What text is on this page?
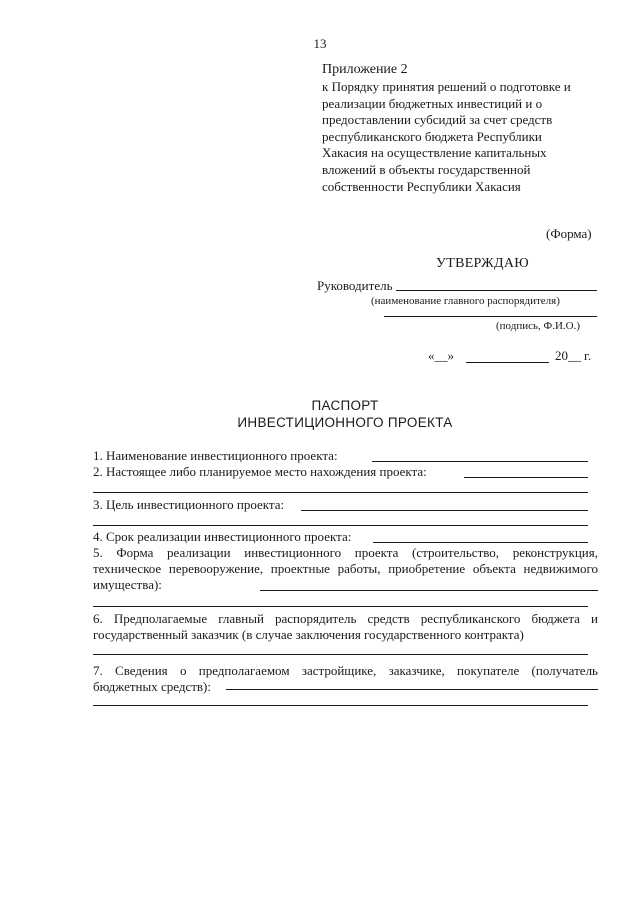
13
Приложение 2
к Порядку принятия решений о подготовке и
реализации бюджетных инвестиций и о
предоставлении субсидий за счет средств
республиканского бюджета Республики
Хакасия на осуществление капитальных
вложений в объекты государственной
собственности Республики Хакасия
(Форма)
УТВЕРЖДАЮ
Руководитель
(наименование главного распорядителя)
(подпись, Ф.И.О.)
«__»	20__ г.
ПАСПОРТ
ИНВЕСТИЦИОННОГО ПРОЕКТА
1. Наименование инвестиционного проекта:
2. Настоящее либо планируемое место нахождения проекта:
3. Цель инвестиционного проекта:
4. Срок реализации инвестиционного проекта:
5. Форма реализации инвестиционного проекта (строительство, реконструкция, техническое перевооружение, проектные работы, приобретение объекта недвижимого имущества):
6. Предполагаемые главный распорядитель средств республиканского бюджета и государственный заказчик (в случае заключения государственного контракта)
7. Сведения о предполагаемом застройщике, заказчике, покупателе (получатель бюджетных средств):
